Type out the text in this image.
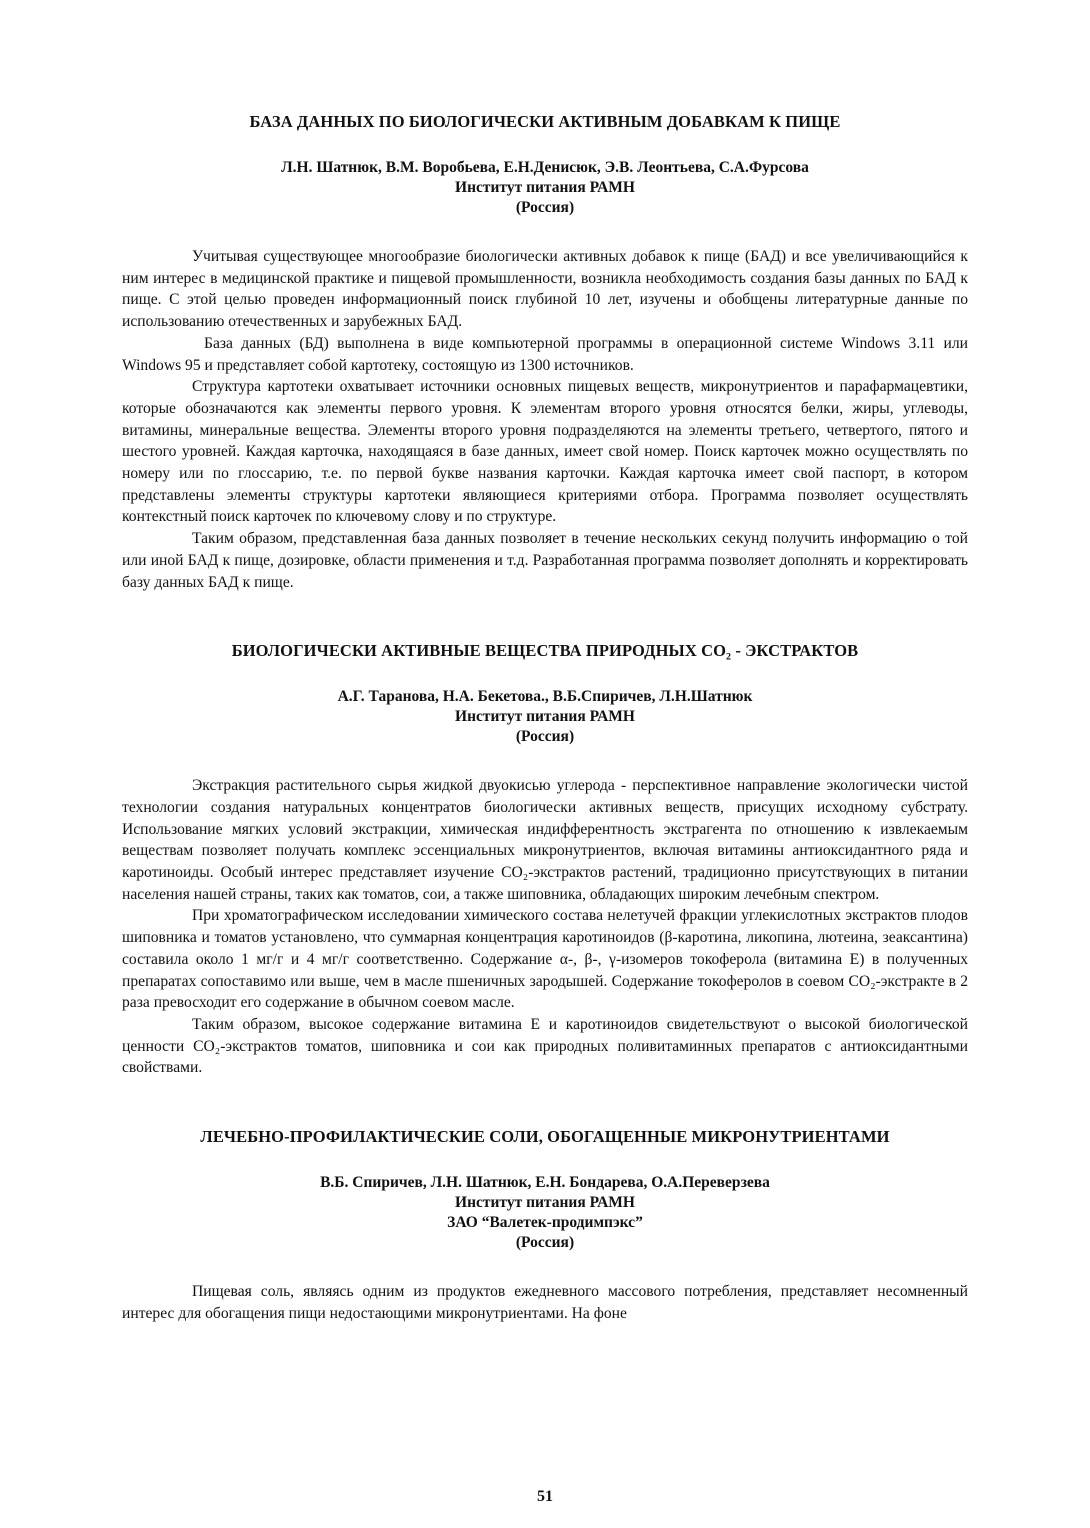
БАЗА ДАННЫХ ПО БИОЛОГИЧЕСКИ АКТИВНЫМ ДОБАВКАМ К ПИЩЕ
Л.Н. Шатнюк, В.М. Воробьева, Е.Н.Денисюк, Э.В. Леонтьева, С.А.Фурсова
Институт питания РАМН
(Россия)

Учитывая существующее многообразие биологически активных добавок к пище (БАД) и все увеличивающийся к ним интерес в медицинской практике и пищевой промышленности, возникла необходимость создания базы данных по БАД к пище. С этой целью проведен информационный поиск глубиной 10 лет, изучены и обобщены литературные данные по использованию отечественных и зарубежных БАД.

База данных (БД) выполнена в виде компьютерной программы в операционной системе Windows 3.11 или Windows 95 и представляет собой картотеку, состоящую из 1300 источников.

Структура картотеки охватывает источники основных пищевых веществ, микронутриентов и парафармацевтики, которые обозначаются как элементы первого уровня. К элементам второго уровня относятся белки, жиры, углеводы, витамины, минеральные вещества. Элементы второго уровня подразделяются на элементы третьего, четвертого, пятого и шестого уровней. Каждая карточка, находящаяся в базе данных, имеет свой номер. Поиск карточек можно осуществлять по номеру или по глоссарию, т.е. по первой букве названия карточки. Каждая карточка имеет свой паспорт, в котором представлены элементы структуры картотеки являющиеся критериями отбора. Программа позволяет осуществлять контекстный поиск карточек по ключевому слову и по структуре.

Таким образом, представленная база данных позволяет в течение нескольких секунд получить информацию о той или иной БАД к пище, дозировке, области применения и т.д. Разработанная программа позволяет дополнять и корректировать базу данных БАД к пище.

БИОЛОГИЧЕСКИ АКТИВНЫЕ ВЕЩЕСТВА ПРИРОДНЫХ CO₂ - ЭКСТРАКТОВ
А.Г. Таранова, Н.А. Бекетова., В.Б.Спиричев, Л.Н.Шатнюк
Институт питания РАМН
(Россия)

Экстракция растительного сырья жидкой двуокисью углерода - перспективное направление экологически чистой технологии создания натуральных концентратов биологически активных веществ, присущих исходному субстрату. Использование мягких условий экстракции, химическая индифферентность экстрагента по отношению к извлекаемым веществам позволяет получать комплекс эссенциальных микронутриентов, включая витамины антиоксидантного ряда и каротиноиды. Особый интерес представляет изучение CO₂-экстрактов растений, традиционно присутствующих в питании населения нашей страны, таких как томатов, сои, а также шиповника, обладающих широким лечебным спектром.

При хроматографическом исследовании химического состава нелетучей фракции углекислотных экстрактов плодов шиповника и томатов установлено, что суммарная концентрация каротиноидов (β-каротина, ликопина, лютеина, зеаксантина) составила около 1 мг/г и 4 мг/г соответственно. Содержание α-, β-, γ-изомеров токоферола (витамина Е) в полученных препаратах сопоставимо или выше, чем в масле пшеничных зародышей. Содержание токоферолов в соевом CO₂-экстракте в 2 раза превосходит его содержание в обычном соевом масле.

Таким образом, высокое содержание витамина Е и каротиноидов свидетельствуют о высокой биологической ценности CO₂-экстрактов томатов, шиповника и сои как природных поливитаминных препаратов с антиоксидантными свойствами.

ЛЕЧЕБНО-ПРОФИЛАКТИЧЕСКИЕ СОЛИ, ОБОГАЩЕННЫЕ МИКРОНУТРИЕНТАМИ
В.Б. Спиричев, Л.Н. Шатнюк, Е.Н. Бондарева, О.А.Переверзева
Институт питания РАМН
ЗАО “Валетек-продимпэкс”
(Россия)

Пищевая соль, являясь одним из продуктов ежедневного массового потребления, представляет несомненный интерес для обогащения пищи недостающими микронутриентами. На фоне

51
